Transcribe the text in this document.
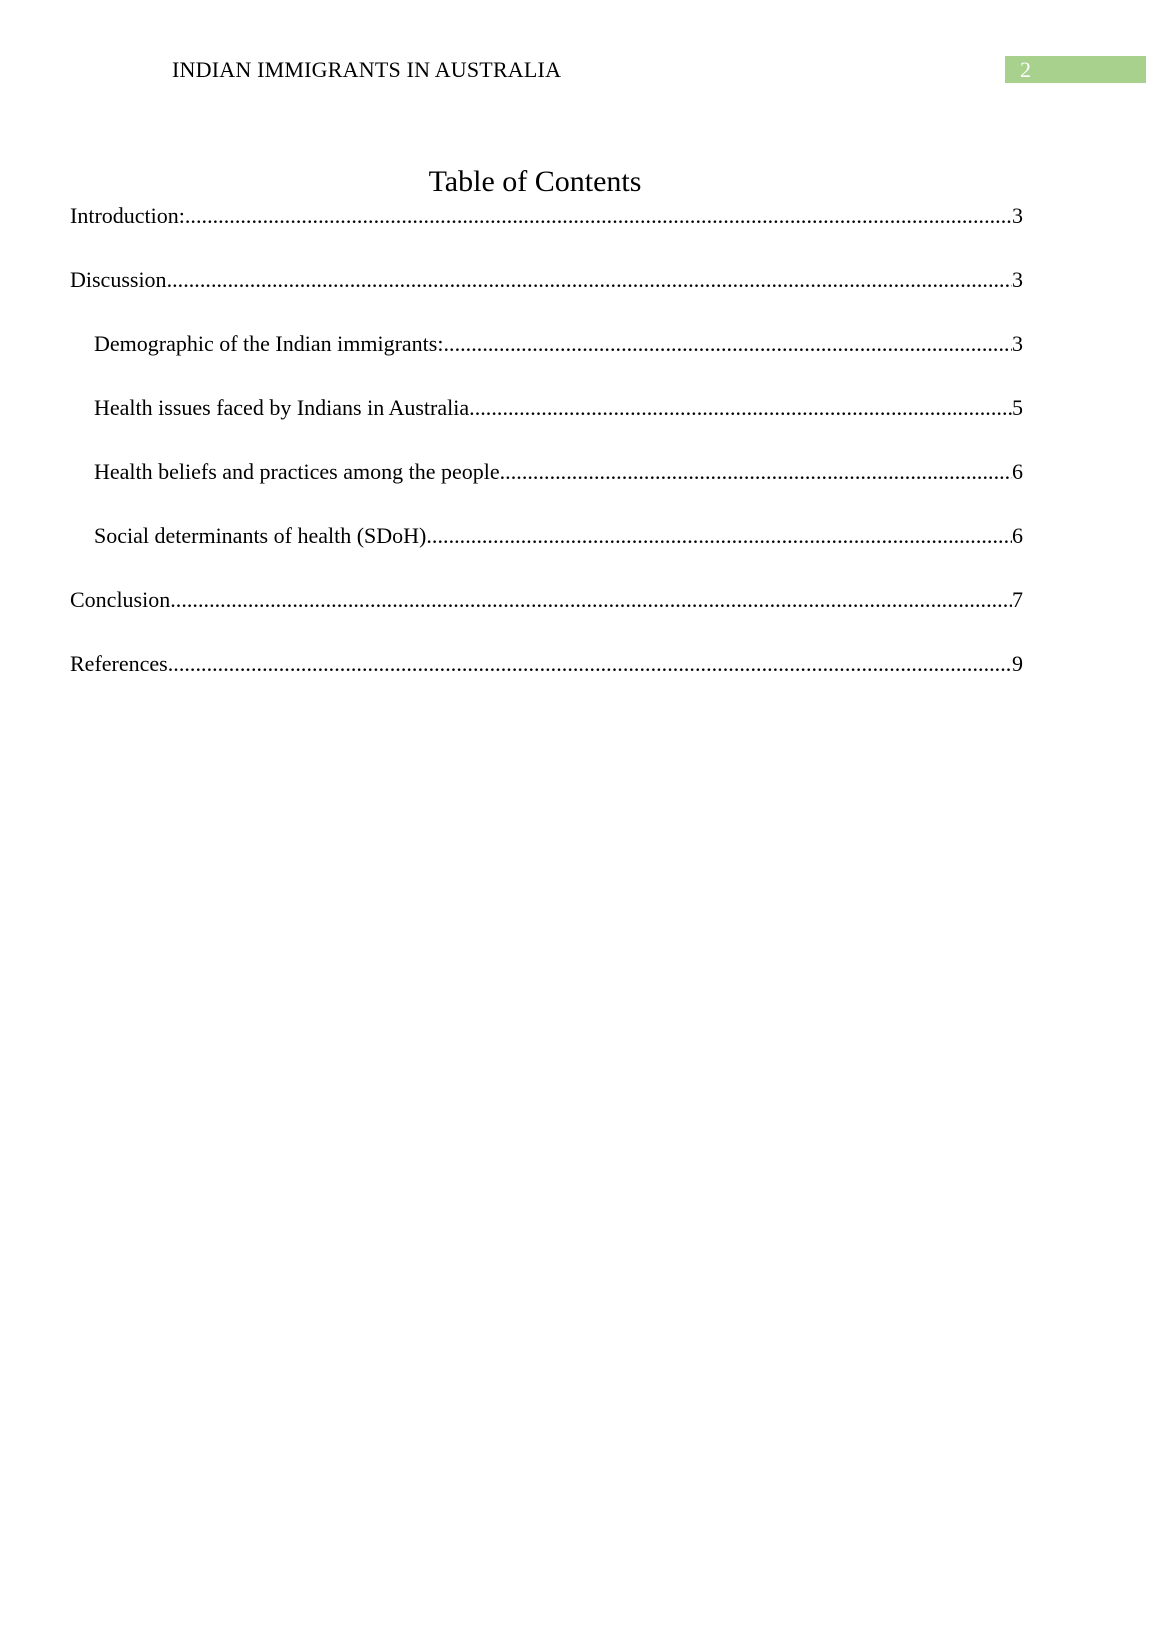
INDIAN IMMIGRANTS IN AUSTRALIA	2
Table of Contents
Introduction: .....	3
Discussion .....	3
Demographic of the Indian immigrants: .....	3
Health issues faced by Indians in Australia .....	5
Health beliefs and practices among the people .....	6
Social determinants of health (SDoH) .....	6
Conclusion .....	7
References .....	9
